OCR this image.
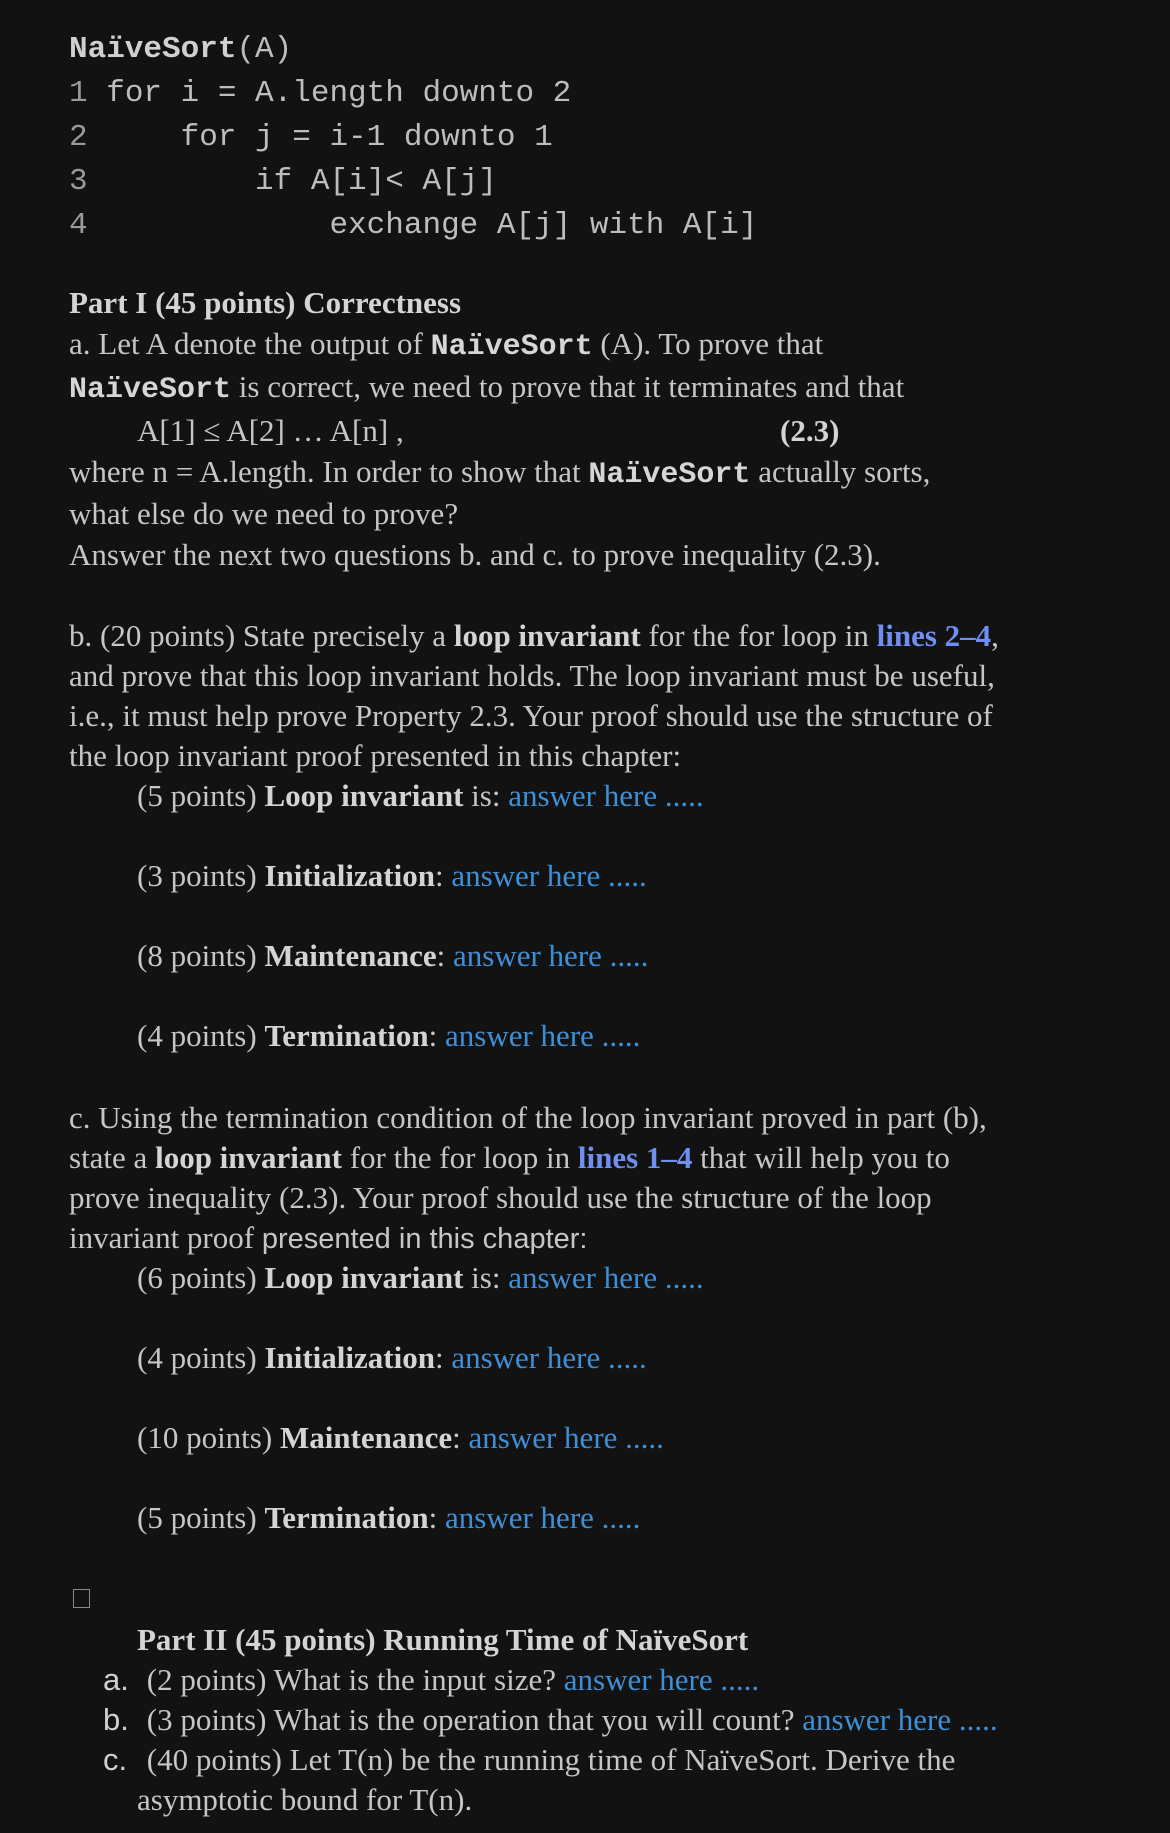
NaïveSort(A)
1 for i = A.length downto 2
2     for j = i-1 downto 1
3         if A[i]< A[j]
4             exchange A[j] with A[i]
Part I (45 points) Correctness
a. Let A denote the output of NaïveSort (A). To prove that
NaïveSort is correct, we need to prove that it terminates and that
A[1] ≤ A[2] … A[n] ,	(2.3)
where n = A.length. In order to show that NaïveSort actually sorts,
what else do we need to prove?
Answer the next two questions b. and c. to prove inequality (2.3).
b. (20 points) State precisely a loop invariant for the for loop in lines 2–4,
and prove that this loop invariant holds. The loop invariant must be useful,
i.e., it must help prove Property 2.3. Your proof should use the structure of
the loop invariant proof presented in this chapter:
(5 points) Loop invariant is: answer here .....
(3 points) Initialization: answer here .....
(8 points) Maintenance: answer here .....
(4 points) Termination: answer here .....
c. Using the termination condition of the loop invariant proved in part (b),
state a loop invariant for the for loop in lines 1–4 that will help you to
prove inequality (2.3). Your proof should use the structure of the loop
invariant proof presented in this chapter:
(6 points) Loop invariant is: answer here .....
(4 points) Initialization: answer here .....
(10 points) Maintenance: answer here .....
(5 points) Termination: answer here .....
Part II (45 points) Running Time of NaïveSort
a. (2 points) What is the input size? answer here .....
b. (3 points) What is the operation that you will count? answer here .....
c. (40 points) Let T(n) be the running time of NaïveSort. Derive the
asymptotic bound for T(n).
